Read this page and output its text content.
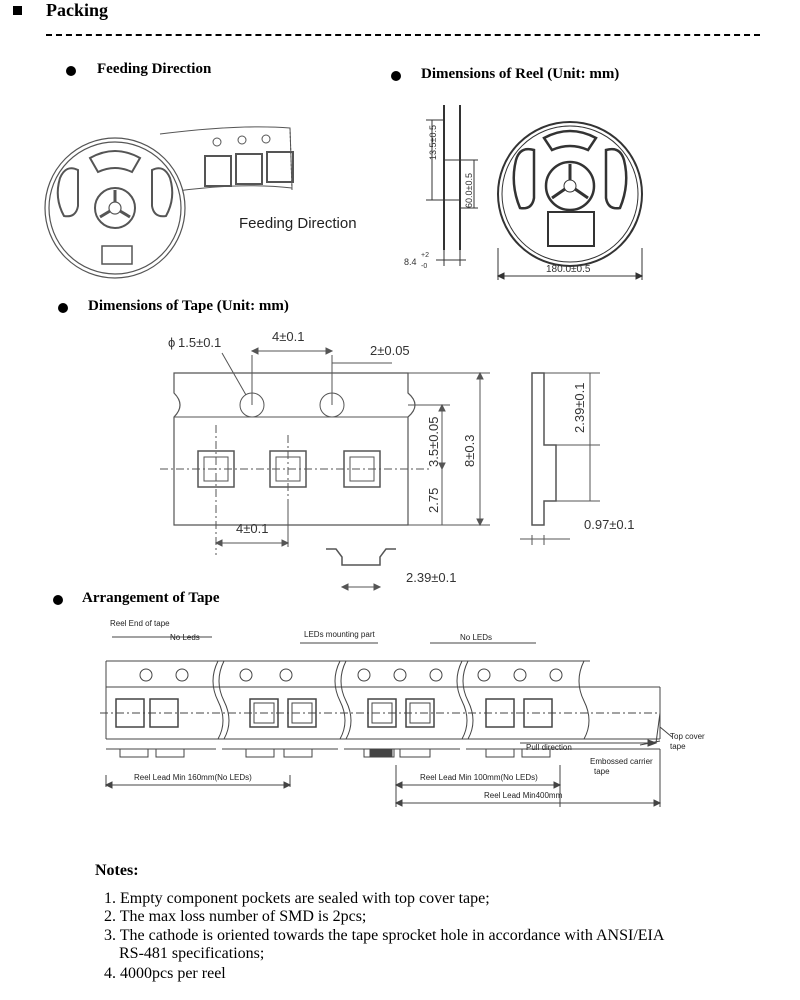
Packing
Feeding Direction
Feeding Direction
Dimensions of Reel (Unit: mm)
13.5±0.5
60.0±0.5
8.4
+2
-0	180.0±0.5
Dimensions of Tape (Unit: mm)
ϕ 1.5±0.1	4±0.1
2±0.05
3.5±0.05 8±0.3
2.75
4±0.1
2.39±0.1
0.97±0.1
2.39±0.1
Arrangement of Tape
Reel End of tape
No Leds	LEDs mounting part	No LEDs
Top cover
tape
Pull direction
Embossed carrier
tape
Reel Lead Min 160mm(No LEDs)	Reel Lead Min 100mm(No LEDs)
Reel Lead Min400mm
Notes:
1. Empty component pockets are sealed with top cover tape;
2. The max loss number of SMD is 2pcs;
3. The cathode is oriented towards the tape sprocket hole in accordance with ANSI/EIA
RS-481 specifications;
4. 4000pcs per reel
